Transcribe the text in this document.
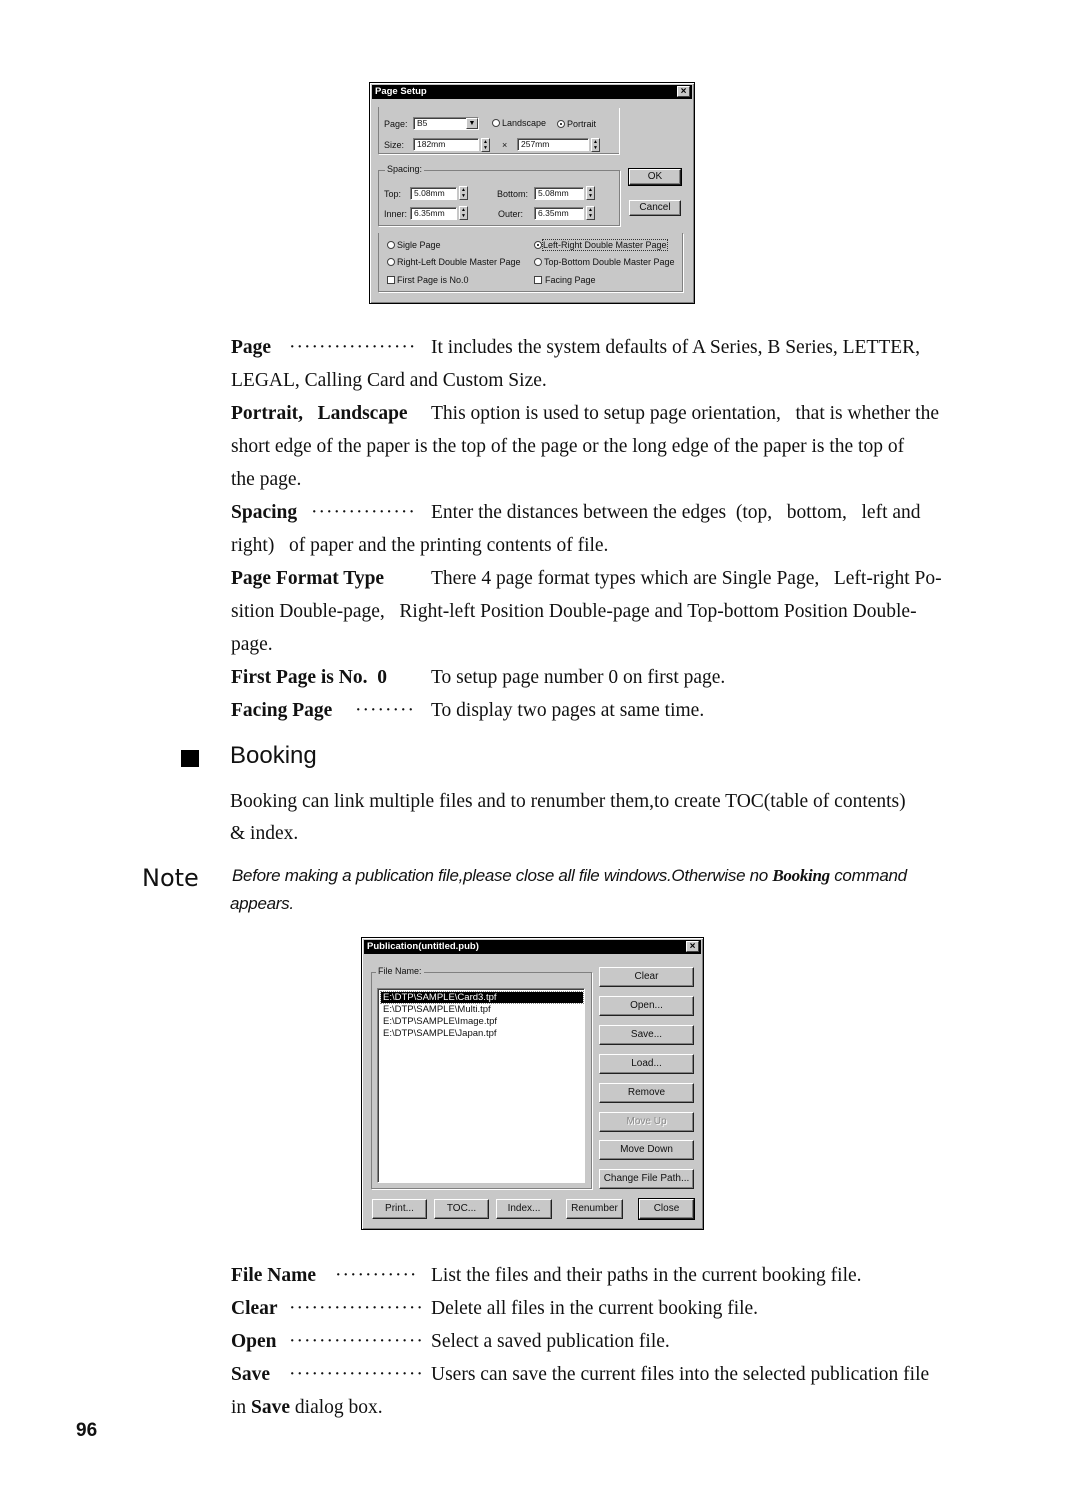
Page Setup	×
Page:	B5	▼	Landscape Portrait
Size:	182mm	▲
▼ ×	257mm	▲
▼
Spacing:
Top:	5.08mm	▲
▼	Bottom:	5.08mm	▲
▼
Inner: 6.35mm	▲
▼	Outer:	6.35mm	▲
▼
OK
Cancel
Sigle Page	Left-Right Double Master Page
Right-Left Double Master Page	Top-Bottom Double Master Page
First Page is No.0	Facing Page
Page ················· It includes the system defaults of A Series, B Series, LETTER,
LEGAL, Calling Card and Custom Size.
Portrait,   Landscape This option is used to setup page orientation,   that is whether the
short edge of the paper is the top of the page or the long edge of the paper is the top of
the page.
Spacing ·············· Enter the distances between the edges  (top,   bottom,   left and
right)   of paper and the printing contents of file.
Page Format Type There 4 page format types which are Single Page,   Left-right Po-
sition Double-page,   Right-left Position Double-page and Top-bottom Position Double-
page.
First Page is No.  0 To setup page number 0 on first page.
Facing Page ········ To display two pages at same time.
Booking
Booking can link multiple files and to renumber them,to create TOC(table of contents)
& index.
Note Before making a publication file,please close all file windows.Otherwise no Booking command
appears.
Publication(untitled.pub)	×
File Name:
E:\DTP\SAMPLE\Card3.tpf
E:\DTP\SAMPLE\Multi.tpf
E:\DTP\SAMPLE\Image.tpf
E:\DTP\SAMPLE\Japan.tpf
Clear
Open...
Save...
Load...
Remove
Move Up
Move Down
Change File Path...
Print...	TOC...	Index...	Renumber	Close
File Name ··········· List the files and their paths in the current booking file.
Clear ·················· Delete all files in the current booking file.
Open ·················· Select a saved publication file.
Save ·················· Users can save the current files into the selected publication file
in Save dialog box.
96
